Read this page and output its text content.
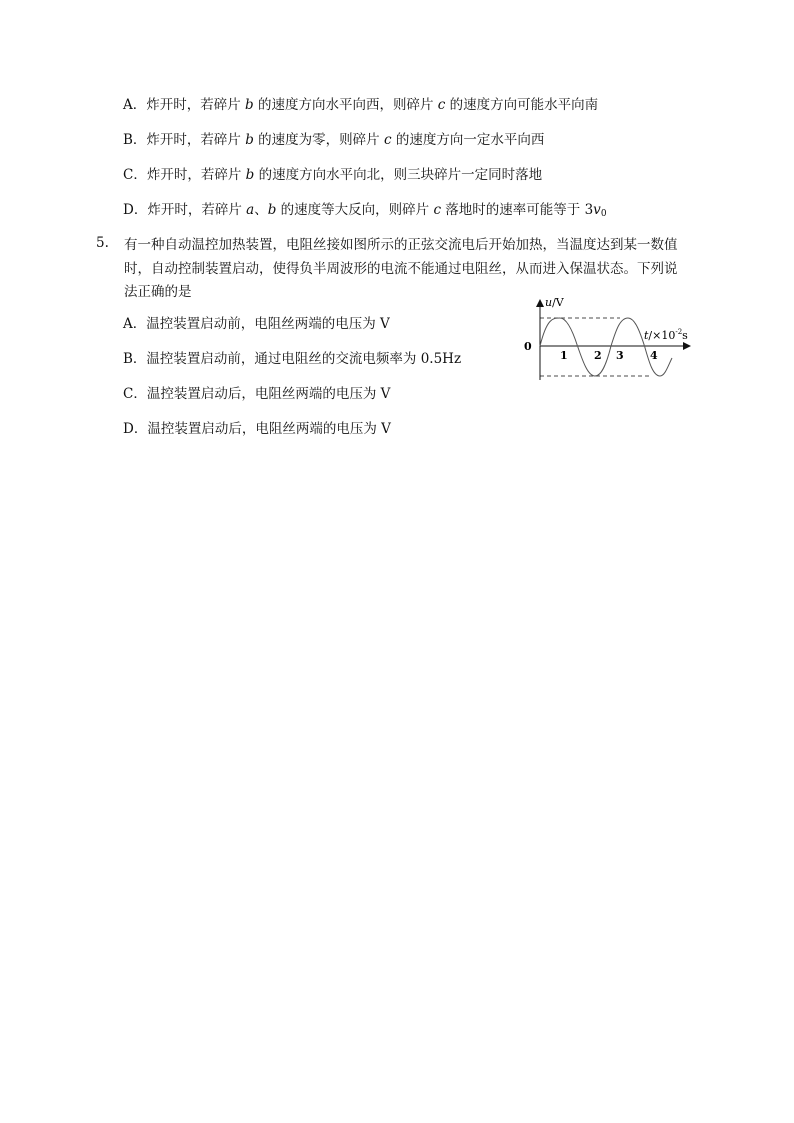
A．炸开时，若碎片 b 的速度方向水平向西，则碎片 c 的速度方向可能水平向南
B．炸开时，若碎片 b 的速度为零，则碎片 c 的速度方向一定水平向西
C．炸开时，若碎片 b 的速度方向水平向北，则三块碎片一定同时落地
D．炸开时，若碎片 a、b 的速度等大反向，则碎片 c 落地时的速率可能等于 $3v_0$
5. 有一种自动温控加热装置，电阻丝接如图所示的正弦交流电后开始加热，当温度达到某一数值
时，自动控制装置启动，使得负半周波形的电流不能通过电阻丝，从而进入保温状态。下列说
法正确的是
A．温控装置启动前，电阻丝两端的电压为 V
B．温控装置启动前，通过电阻丝的交流电频率为 0.5Hz
C．温控装置启动后，电阻丝两端的电压为 V
D．温控装置启动后，电阻丝两端的电压为 V
u/V
$t/\times 10^{-2}s$
0
1 2 3 4
